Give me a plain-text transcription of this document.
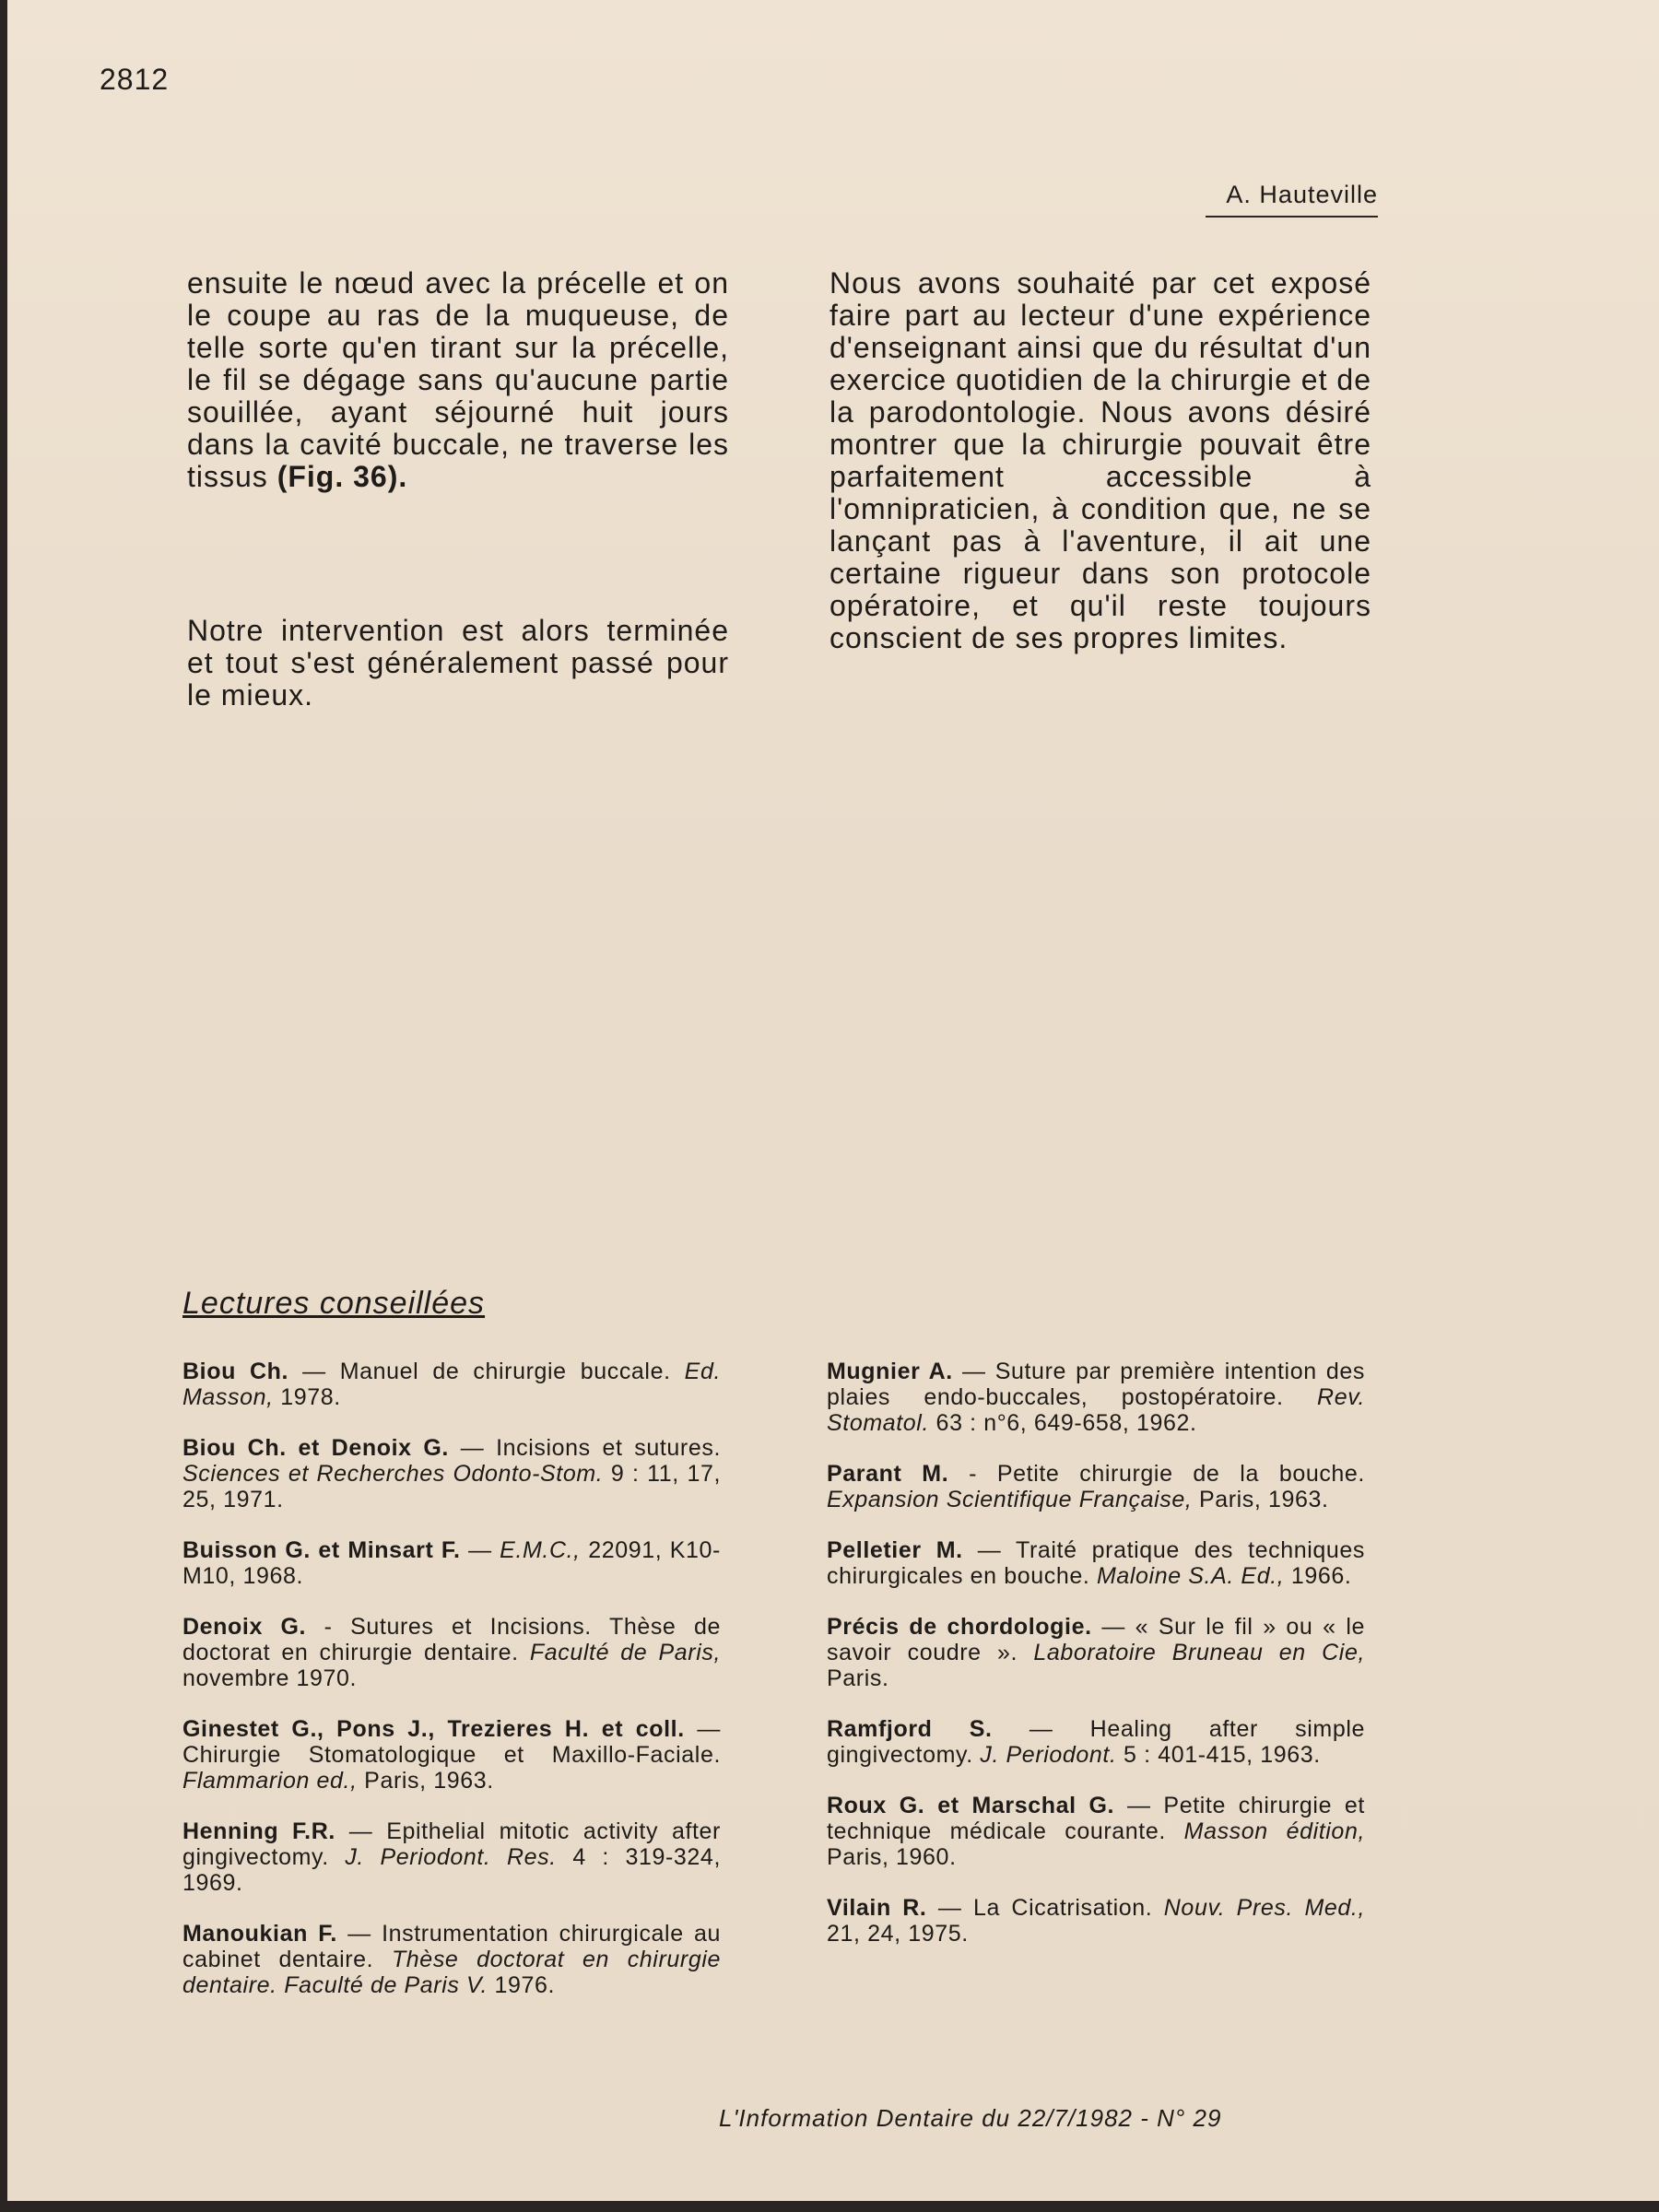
2812
A. Hauteville
ensuite le nœud avec la précelle et on le coupe au ras de la muqueuse, de telle sorte qu'en tirant sur la précelle, le fil se dégage sans qu'aucune partie souillée, ayant séjourné huit jours dans la cavité buccale, ne traverse les tissus (Fig. 36).
Notre intervention est alors terminée et tout s'est généralement passé pour le mieux.
Nous avons souhaité par cet exposé faire part au lecteur d'une expérience d'enseignant ainsi que du résultat d'un exercice quotidien de la chirurgie et de la parodontologie. Nous avons désiré montrer que la chirurgie pouvait être parfaitement accessible à l'omnipraticien, à condition que, ne se lançant pas à l'aventure, il ait une certaine rigueur dans son protocole opératoire, et qu'il reste toujours conscient de ses propres limites.
Lectures conseillées
Biou Ch. — Manuel de chirurgie buccale. Ed. Masson, 1978.
Biou Ch. et Denoix G. — Incisions et sutures. Sciences et Recherches Odonto-Stom. 9 : 11, 17, 25, 1971.
Buisson G. et Minsart F. — E.M.C., 22091, K10-M10, 1968.
Denoix G. - Sutures et Incisions. Thèse de doctorat en chirurgie dentaire. Faculté de Paris, novembre 1970.
Ginestet G., Pons J., Trezieres H. et coll. — Chirurgie Stomatologique et Maxillo-Faciale. Flammarion ed., Paris, 1963.
Henning F.R. — Epithelial mitotic activity after gingivectomy. J. Periodont. Res. 4 : 319-324, 1969.
Manoukian F. — Instrumentation chirurgicale au cabinet dentaire. Thèse doctorat en chirurgie dentaire. Faculté de Paris V. 1976.
Mugnier A. — Suture par première intention des plaies endo-buccales, postopératoire. Rev. Stomatol. 63 : n°6, 649-658, 1962.
Parant M. - Petite chirurgie de la bouche. Expansion Scientifique Française, Paris, 1963.
Pelletier M. — Traité pratique des techniques chirurgicales en bouche. Maloine S.A. Ed., 1966.
Précis de chordologie. — « Sur le fil » ou « le savoir coudre ». Laboratoire Bruneau en Cie, Paris.
Ramfjord S. — Healing after simple gingivectomy. J. Periodont. 5 : 401-415, 1963.
Roux G. et Marschal G. — Petite chirurgie et technique médicale courante. Masson édition, Paris, 1960.
Vilain R. — La Cicatrisation. Nouv. Pres. Med., 21, 24, 1975.
L'Information Dentaire du 22/7/1982 - N° 29
